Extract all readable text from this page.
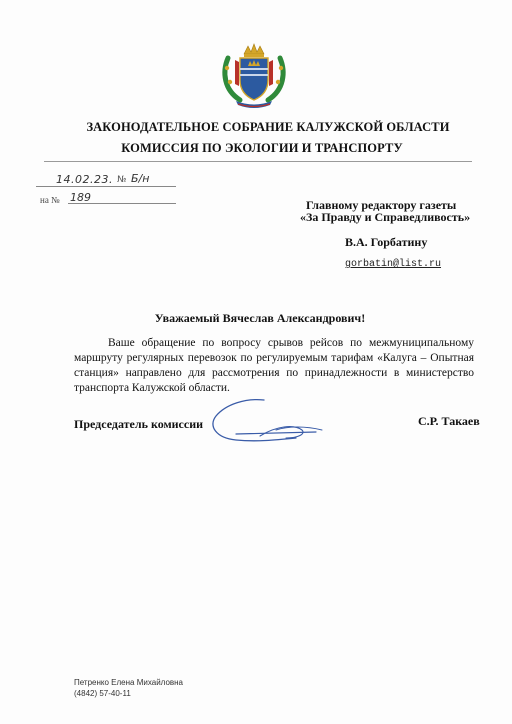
ЗАКОНОДАТЕЛЬНОЕ СОБРАНИЕ КАЛУЖСКОЙ ОБЛАСТИ
КОМИССИЯ ПО ЭКОЛОГИИ И ТРАНСПОРТУ
14.02.23. № Б/н
на № 189
Главному редактору газеты
«За Правду и Справедливость»
В.А. Горбатину
gorbatin@list.ru
Уважаемый Вячеслав Александрович!

Ваше обращение по вопросу срывов рейсов по межмуниципальному маршруту регулярных перевозок по регулируемым тарифам «Калуга – Опытная станция» направлено для рассмотрения по принадлежности в министерство транспорта Калужской области.

Председатель комиссии	С.Р. Такаев
Петренко Елена Михайловна
(4842) 57-40-11
